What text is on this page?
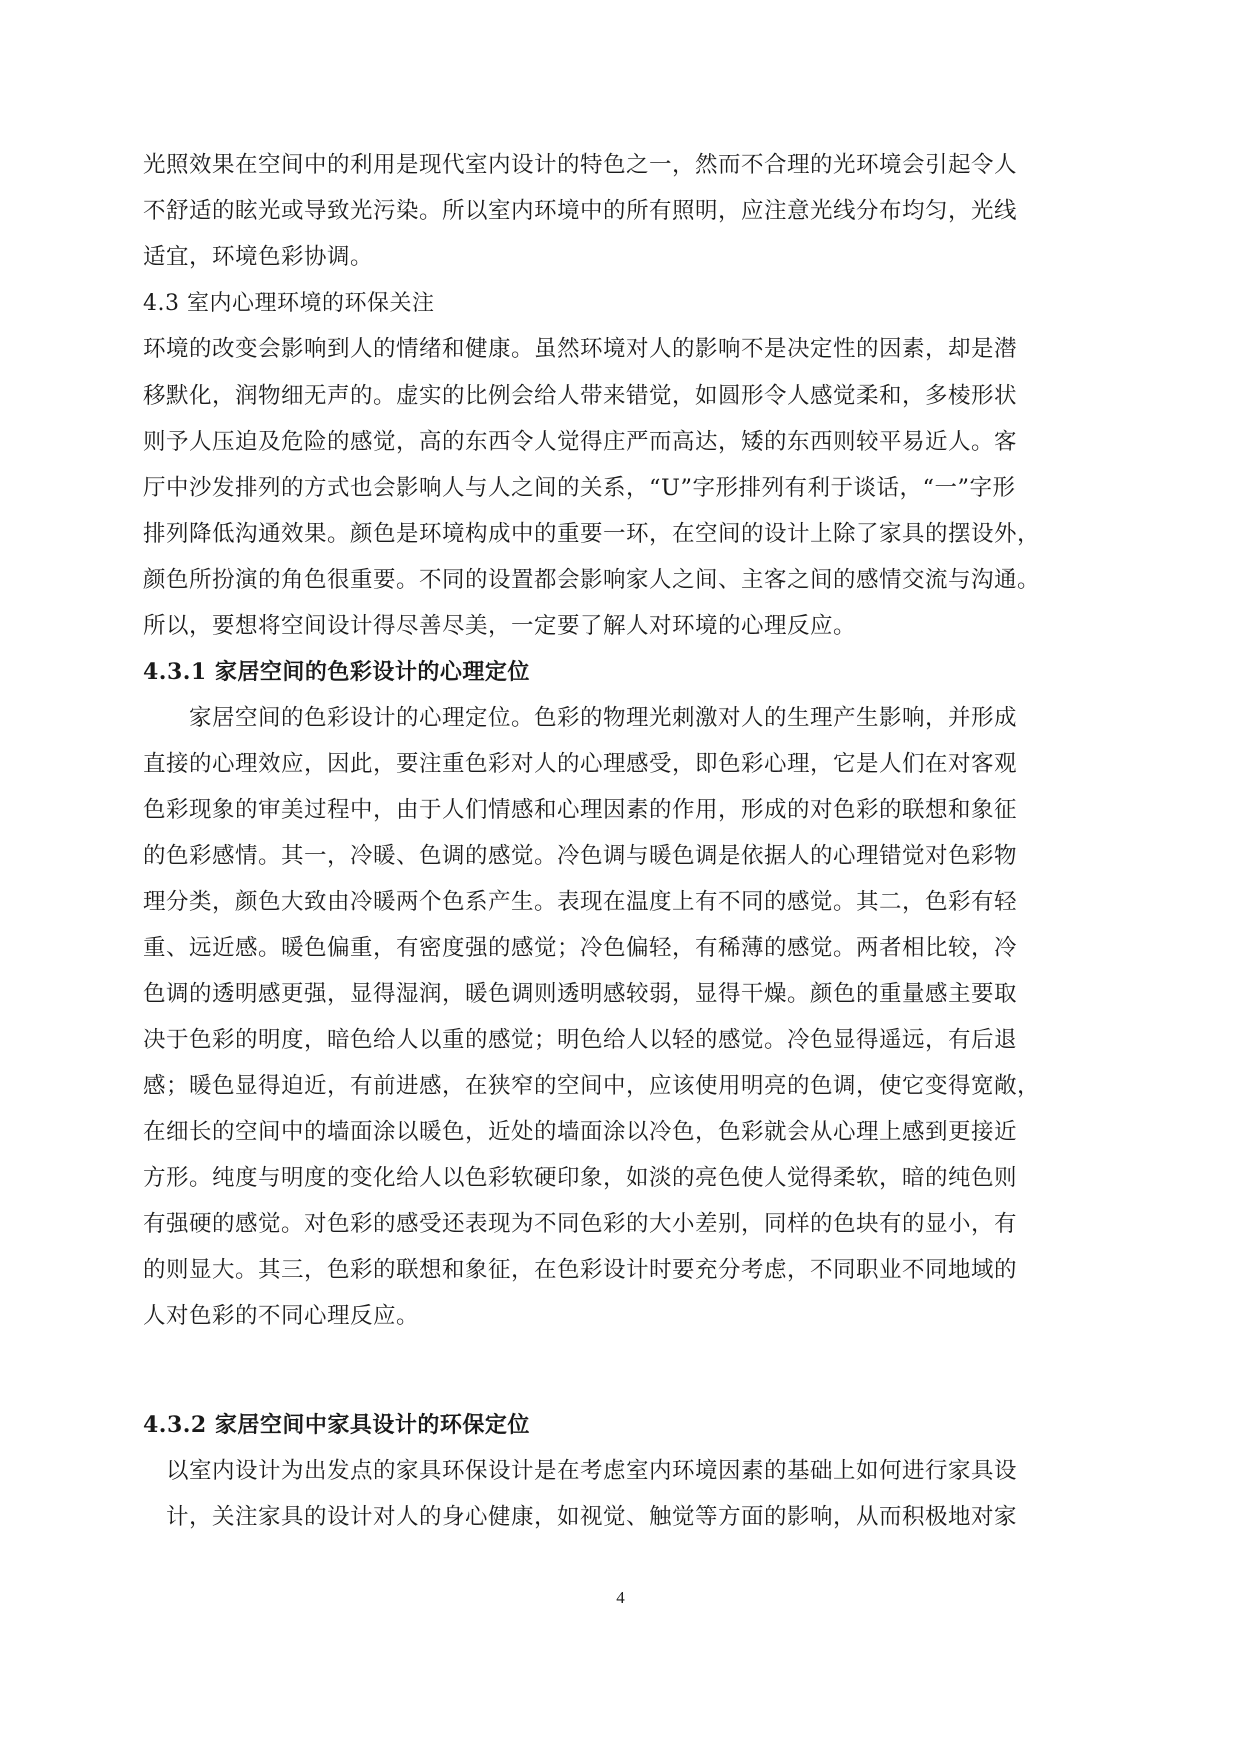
光照效果在空间中的利用是现代室内设计的特色之一，然而不合理的光环境会引起令人
不舒适的眩光或导致光污染。所以室内环境中的所有照明，应注意光线分布均匀，光线
适宜，环境色彩协调。
4.3 室内心理环境的环保关注
环境的改变会影响到人的情绪和健康。虽然环境对人的影响不是决定性的因素，却是潜
移默化，润物细无声的。虚实的比例会给人带来错觉，如圆形令人感觉柔和，多棱形状
则予人压迫及危险的感觉，高的东西令人觉得庄严而高达，矮的东西则较平易近人。客
厅中沙发排列的方式也会影响人与人之间的关系，“U”字形排列有利于谈话，“一”字形
排列降低沟通效果。颜色是环境构成中的重要一环，在空间的设计上除了家具的摆设外，
颜色所扮演的角色很重要。不同的设置都会影响家人之间、主客之间的感情交流与沟通。
所以，要想将空间设计得尽善尽美，一定要了解人对环境的心理反应。
4.3.1 家居空间的色彩设计的心理定位
　　家居空间的色彩设计的心理定位。色彩的物理光刺激对人的生理产生影响，并形成
直接的心理效应，因此，要注重色彩对人的心理感受，即色彩心理，它是人们在对客观
色彩现象的审美过程中，由于人们情感和心理因素的作用，形成的对色彩的联想和象征
的色彩感情。其一，冷暖、色调的感觉。冷色调与暖色调是依据人的心理错觉对色彩物
理分类，颜色大致由冷暖两个色系产生。表现在温度上有不同的感觉。其二，色彩有轻
重、远近感。暖色偏重，有密度强的感觉；冷色偏轻，有稀薄的感觉。两者相比较，冷
色调的透明感更强，显得湿润，暖色调则透明感较弱，显得干燥。颜色的重量感主要取
决于色彩的明度，暗色给人以重的感觉；明色给人以轻的感觉。冷色显得遥远，有后退
感；暖色显得迫近，有前进感，在狭窄的空间中，应该使用明亮的色调，使它变得宽敞，
在细长的空间中的墙面涂以暖色，近处的墙面涂以冷色，色彩就会从心理上感到更接近
方形。纯度与明度的变化给人以色彩软硬印象，如淡的亮色使人觉得柔软，暗的纯色则
有强硬的感觉。对色彩的感受还表现为不同色彩的大小差别，同样的色块有的显小，有
的则显大。其三，色彩的联想和象征，在色彩设计时要充分考虑，不同职业不同地域的
人对色彩的不同心理反应。
4.3.2 家居空间中家具设计的环保定位
　以室内设计为出发点的家具环保设计是在考虑室内环境因素的基础上如何进行家具设
　计，关注家具的设计对人的身心健康，如视觉、触觉等方面的影响，从而积极地对家
4
